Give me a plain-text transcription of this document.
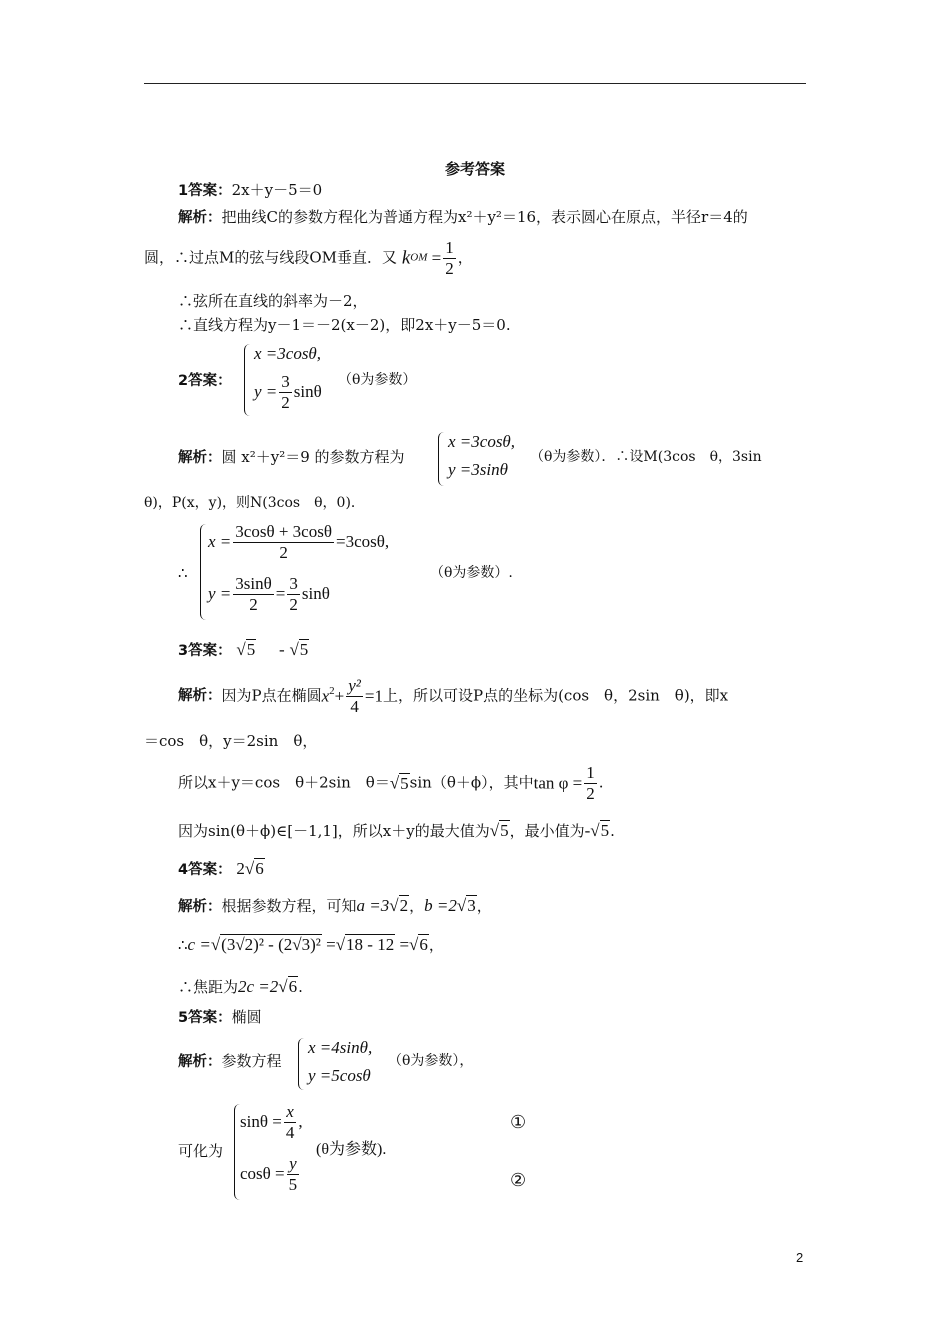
参考答案
1答案：2x＋y－5＝0
解析：把曲线C的参数方程化为普通方程为x²＋y²＝16，表示圆心在原点，半径r＝4的
圆，∴过点M的弦与线段OM垂直．又 kOM = $\frac{1}{2}$ ，
∴弦所在直线的斜率为－2，
∴直线方程为y－1＝－2(x－2)，即2x＋y－5＝0.
2答案：
x =3cosθ,
$y = \frac{3}{2}$ sinθ
（θ为参数）
解析：圆 x²＋y²＝9 的参数方程为
x =3cosθ,
y =3sinθ
（θ为参数）．∴设M(3cos　θ，3sin
θ)，P(x，y)，则N(3cos　θ，0)．
∴
$x = \frac{3\cos\theta + 3\cos\theta}{2} =3\cos\theta$,
$y = \frac{3\sin\theta}{2} = \frac{3}{2}$ sinθ
（θ为参数）.
3答案： √5 - √5
解析：因为P点在椭圆$x^2+ \frac{\text{y²}}{4} =1$上，所以可设P点的坐标为(cos　θ，2sin　θ)，即x
＝cos　θ，y＝2sin　θ，
所以x＋y＝cos　θ＋2sin　θ＝√5sin（θ＋ϕ），其中$\tan \varphi = \frac{1}{2}$ .
因为sin(θ＋ϕ)∈[－1,1]，所以x＋y的最大值为√5，最小值为-√5.
4答案： 2√6
解析：根据参数方程，可知a =3√2，b =2√3，
∴c =√(3√2)² - (2√3)² =√18 - 12 =√6，
∴焦距为2c =2√6.
5答案：椭圆
解析：参数方程
x =4sinθ,
y =5cosθ
（θ为参数），
可化为
$\sin\theta = \frac{x}{4}$ ,
$\cos\theta = \frac{y}{5}$
(θ为参数).
①
②
2
